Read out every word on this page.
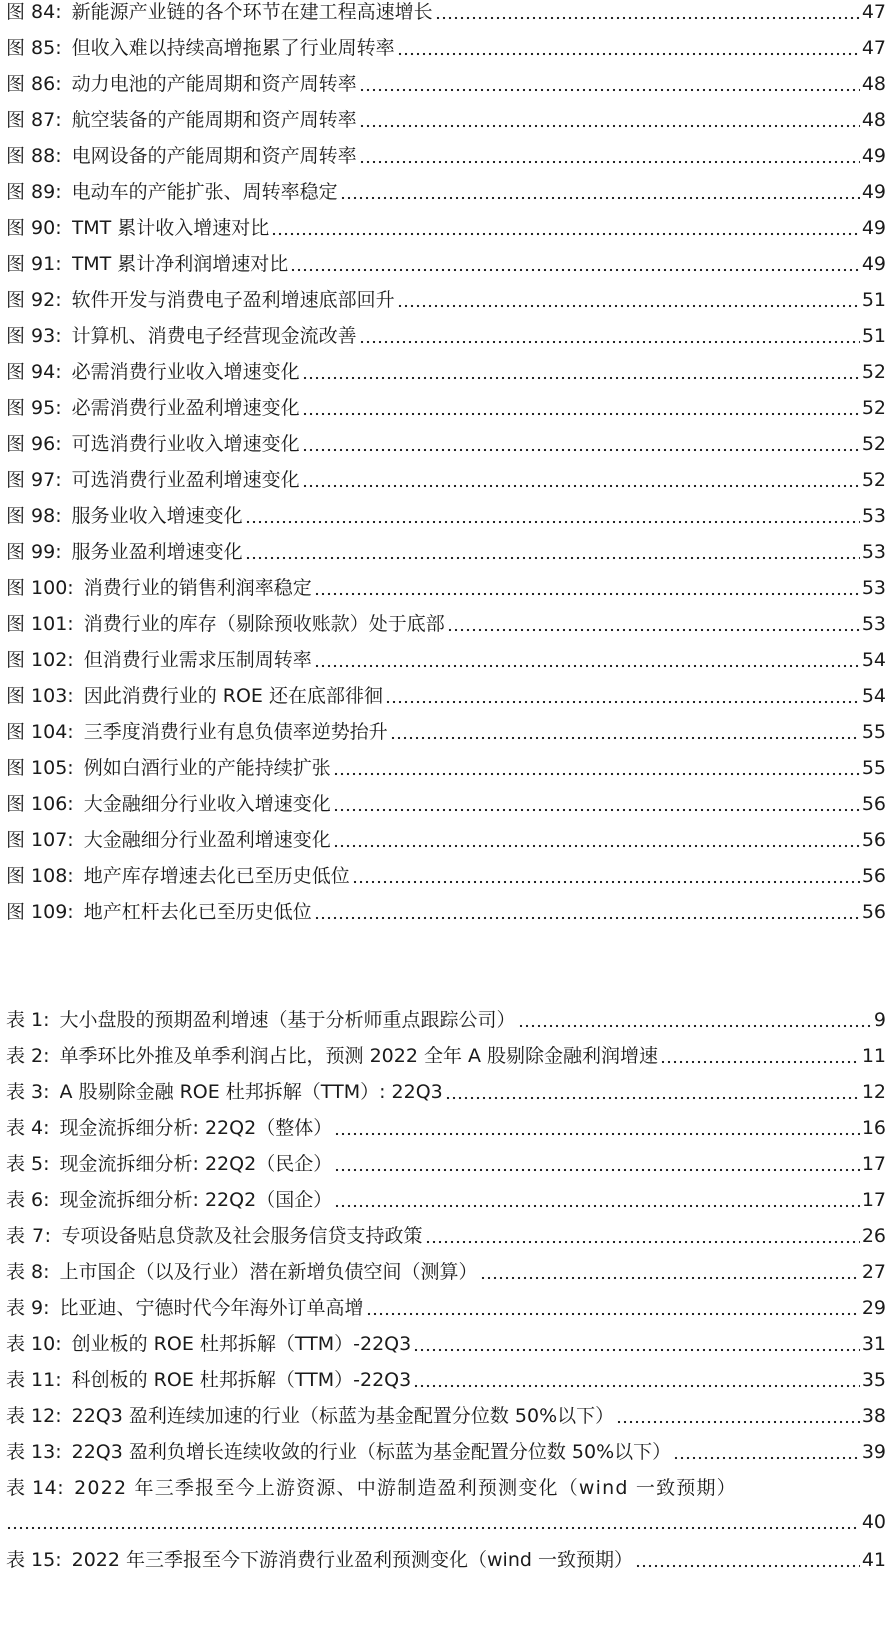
图 84: 新能源产业链的各个环节在建工程高速增长	47
图 85: 但收入难以持续高增拖累了行业周转率	47
图 86: 动力电池的产能周期和资产周转率	48
图 87: 航空装备的产能周期和资产周转率	48
图 88: 电网设备的产能周期和资产周转率	49
图 89: 电动车的产能扩张、周转率稳定	49
图 90: TMT 累计收入增速对比	49
图 91: TMT 累计净利润增速对比	49
图 92: 软件开发与消费电子盈利增速底部回升	51
图 93: 计算机、消费电子经营现金流改善	51
图 94: 必需消费行业收入增速变化	52
图 95: 必需消费行业盈利增速变化	52
图 96: 可选消费行业收入增速变化	52
图 97: 可选消费行业盈利增速变化	52
图 98: 服务业收入增速变化	53
图 99: 服务业盈利增速变化	53
图 100: 消费行业的销售利润率稳定	53
图 101: 消费行业的库存（剔除预收账款）处于底部	53
图 102: 但消费行业需求压制周转率	54
图 103: 因此消费行业的 ROE 还在底部徘徊	54
图 104: 三季度消费行业有息负债率逆势抬升	55
图 105: 例如白酒行业的产能持续扩张	55
图 106: 大金融细分行业收入增速变化	56
图 107: 大金融细分行业盈利增速变化	56
图 108: 地产库存增速去化已至历史低位	56
图 109: 地产杠杆去化已至历史低位	56
表 1: 大小盘股的预期盈利增速（基于分析师重点跟踪公司）	9
表 2: 单季环比外推及单季利润占比，预测 2022 全年 A 股剔除金融利润增速	11
表 3: A 股剔除金融 ROE 杜邦拆解（TTM）: 22Q3	12
表 4: 现金流拆细分析: 22Q2（整体）	16
表 5: 现金流拆细分析: 22Q2（民企）	17
表 6: 现金流拆细分析: 22Q2（国企）	17
表 7: 专项设备贴息贷款及社会服务信贷支持政策	26
表 8: 上市国企（以及行业）潜在新增负债空间（测算）	27
表 9: 比亚迪、宁德时代今年海外订单高增	29
表 10: 创业板的 ROE 杜邦拆解（TTM）-22Q3	31
表 11: 科创板的 ROE 杜邦拆解（TTM）-22Q3	35
表 12: 22Q3 盈利连续加速的行业（标蓝为基金配置分位数 50%以下）	38
表 13: 22Q3 盈利负增长连续收敛的行业（标蓝为基金配置分位数 50%以下）	39
表 14: 2022 年三季报至今上游资源、中游制造盈利预测变化（wind 一致预期）
40
表 15: 2022 年三季报至今下游消费行业盈利预测变化（wind 一致预期）	41
